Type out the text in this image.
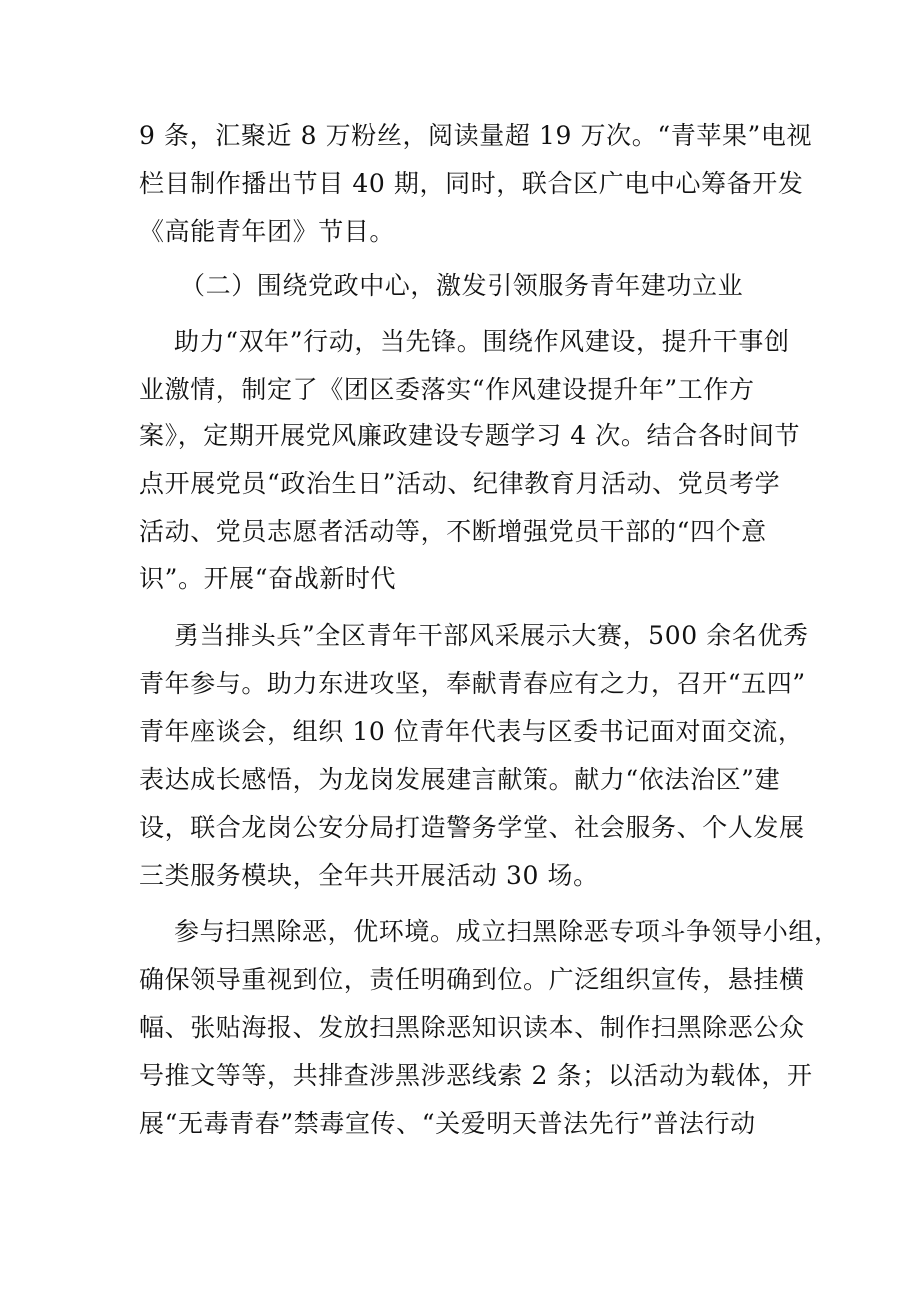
9 条，汇聚近 8 万粉丝，阅读量超 19 万次。“青苹果”电视
栏目制作播出节目 40 期，同时，联合区广电中心筹备开发
《高能青年团》节目。
（二）围绕党政中心，激发引领服务青年建功立业
助力“双年”行动，当先锋。围绕作风建设，提升干事创
业激情，制定了《团区委落实“作风建设提升年”工作方
案》，定期开展党风廉政建设专题学习 4 次。结合各时间节
点开展党员“政治生日”活动、纪律教育月活动、党员考学
活动、党员志愿者活动等，不断增强党员干部的“四个意
识”。开展“奋战新时代
勇当排头兵”全区青年干部风采展示大赛，500 余名优秀
青年参与。助力东进攻坚，奉献青春应有之力，召开“五四”
青年座谈会，组织 10 位青年代表与区委书记面对面交流，
表达成长感悟，为龙岗发展建言献策。献力“依法治区”建
设，联合龙岗公安分局打造警务学堂、社会服务、个人发展
三类服务模块，全年共开展活动 30 场。
参与扫黑除恶，优环境。成立扫黑除恶专项斗争领导小组，
确保领导重视到位，责任明确到位。广泛组织宣传，悬挂横
幅、张贴海报、发放扫黑除恶知识读本、制作扫黑除恶公众
号推文等等，共排查涉黑涉恶线索 2 条；以活动为载体，开
展“无毒青春”禁毒宣传、“关爱明天普法先行”普法行动
